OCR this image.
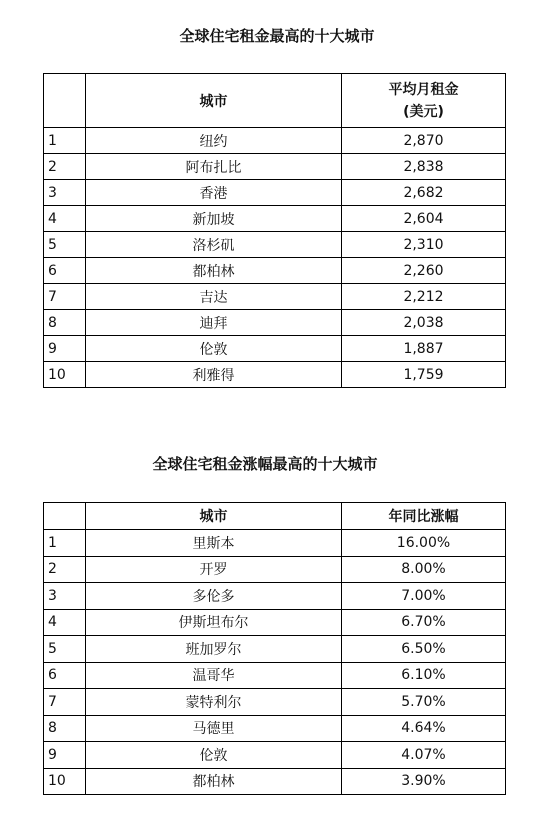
全球住宅租金最高的十大城市
	城市	平均月租金
(美元)

1	纽约	2,870
2	阿布扎比	2,838
3	香港	2,682
4	新加坡	2,604
5	洛杉矶	2,310
6	都柏林	2,260
7	吉达	2,212
8	迪拜	2,038
9	伦敦	1,887
10	利雅得	1,759
全球住宅租金涨幅最高的十大城市
	城市	年同比涨幅
1	里斯本	16.00%
2	开罗	8.00%
3	多伦多	7.00%
4	伊斯坦布尔	6.70%
5	班加罗尔	6.50%
6	温哥华	6.10%
7	蒙特利尔	5.70%
8	马德里	4.64%
9	伦敦	4.07%
10	都柏林	3.90%
